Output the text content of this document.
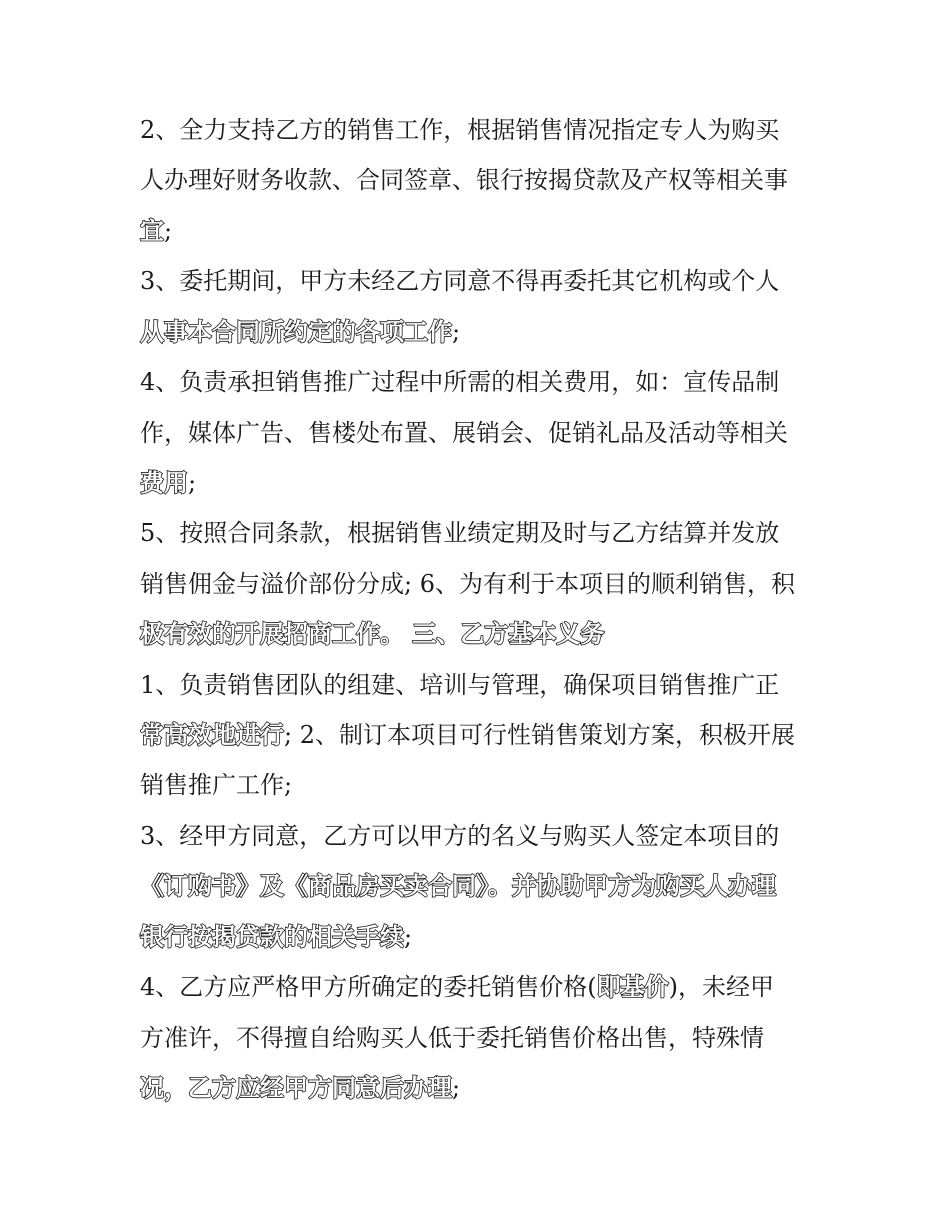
2、全力支持乙方的销售工作，根据销售情况指定专人为购买
人办理好财务收款、合同签章、银行按揭贷款及产权等相关事
宜;
3、委托期间，甲方未经乙方同意不得再委托其它机构或个人
从事本合同所约定的各项工作;
4、负责承担销售推广过程中所需的相关费用，如：宣传品制
作，媒体广告、售楼处布置、展销会、促销礼品及活动等相关
费用;
5、按照合同条款，根据销售业绩定期及时与乙方结算并发放
销售佣金与溢价部份分成; 6、为有利于本项目的顺利销售，积
极有效的开展招商工作。 三、乙方基本义务
1、负责销售团队的组建、培训与管理，确保项目销售推广正
常高效地进行; 2、制订本项目可行性销售策划方案，积极开展
销售推广工作;
3、经甲方同意，乙方可以甲方的名义与购买人签定本项目的
《订购书》及《商品房买卖合同》。并协助甲方为购买人办理
银行按揭贷款的相关手续;
4、乙方应严格甲方所确定的委托销售价格(即基价)，未经甲
方准许，不得擅自给购买人低于委托销售价格出售，特殊情
况，乙方应经甲方同意后办理;
